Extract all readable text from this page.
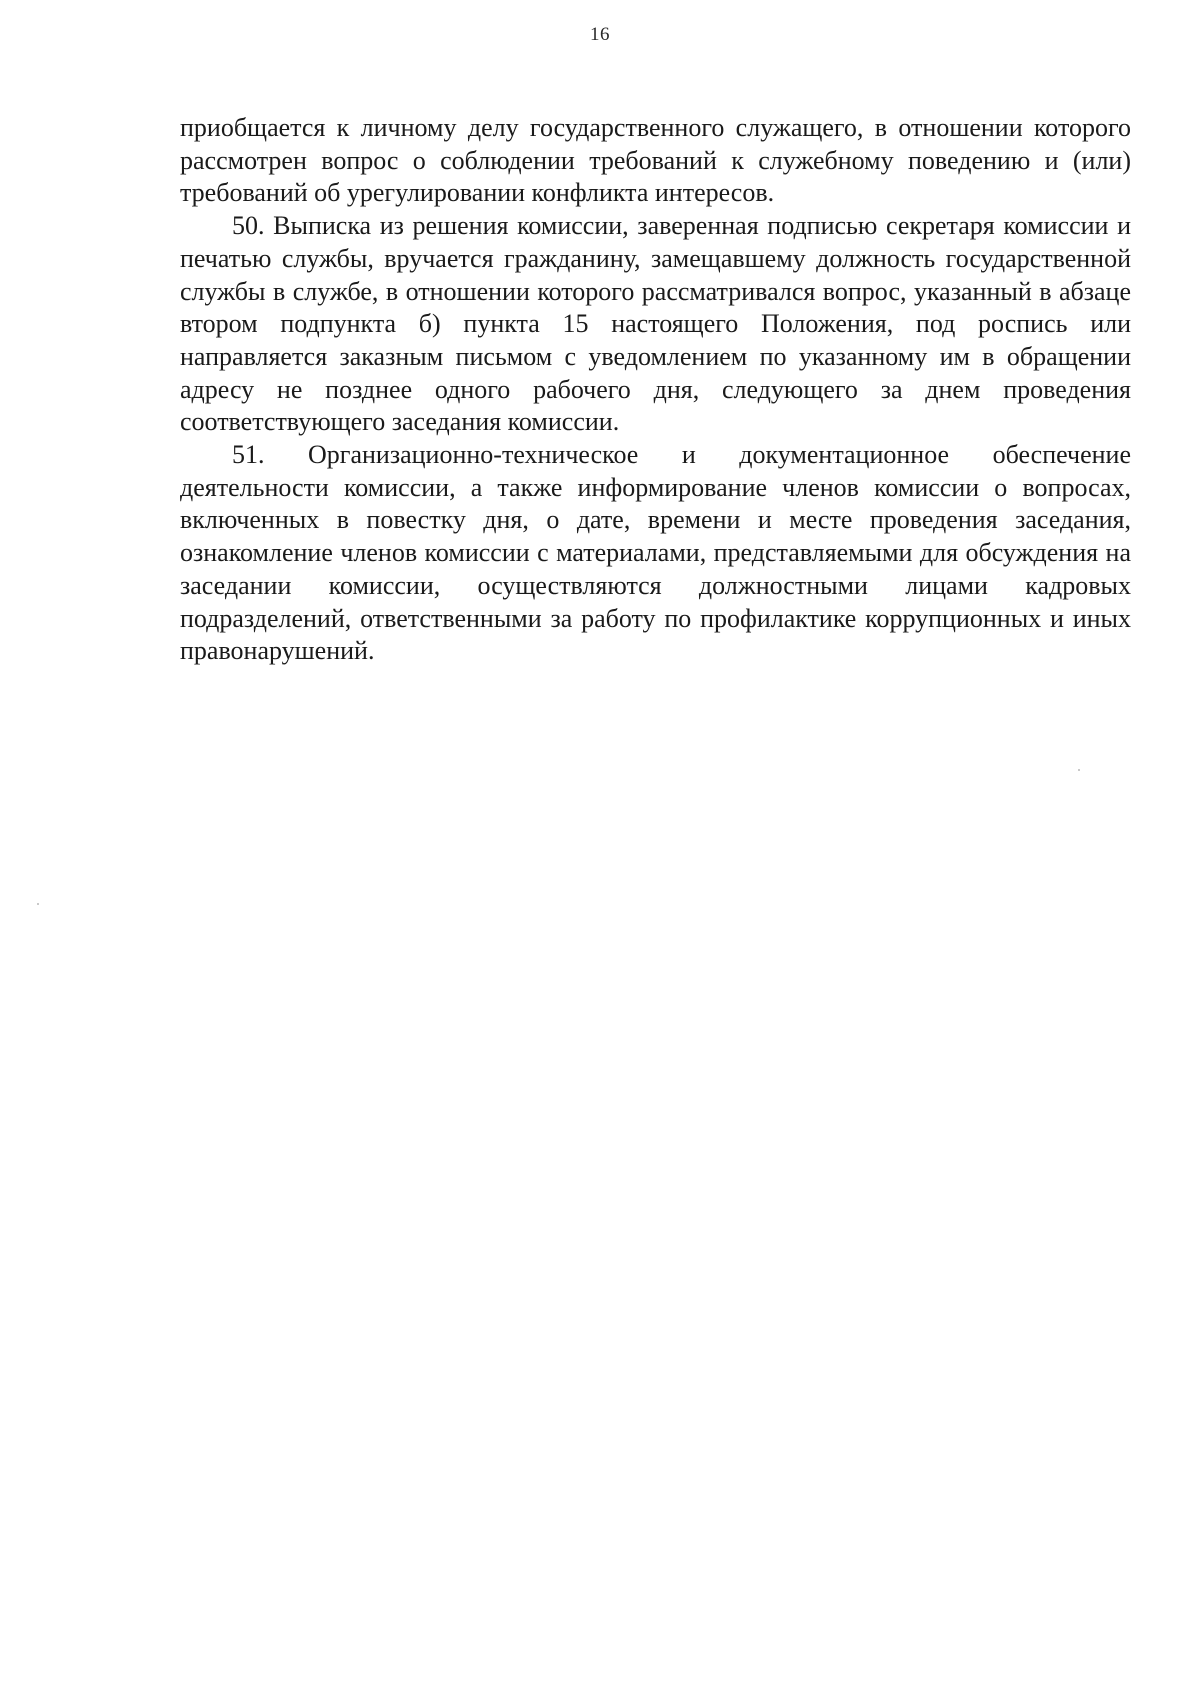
16

приобщается к личному делу государственного служащего, в отношении которого рассмотрен вопрос о соблюдении требований к служебному поведению и (или) требований об урегулировании конфликта интересов.

50. Выписка из решения комиссии, заверенная подписью секретаря комиссии и печатью службы, вручается гражданину, замещавшему должность государственной службы в службе, в отношении которого рассматривался вопрос, указанный в абзаце втором подпункта б) пункта 15 настоящего Положения, под роспись или направляется заказным письмом с уведомлением по указанному им в обращении адресу не позднее одного рабочего дня, следующего за днем проведения соответствующего заседания комиссии.

51. Организационно-техническое и документационное обеспечение деятельности комиссии, а также информирование членов комиссии о вопросах, включенных в повестку дня, о дате, времени и месте проведения заседания, ознакомление членов комиссии с материалами, представляемыми для обсуждения на заседании комиссии, осуществляются должностными лицами кадровых подразделений, ответственными за работу по профилактике коррупционных и иных правонарушений.
